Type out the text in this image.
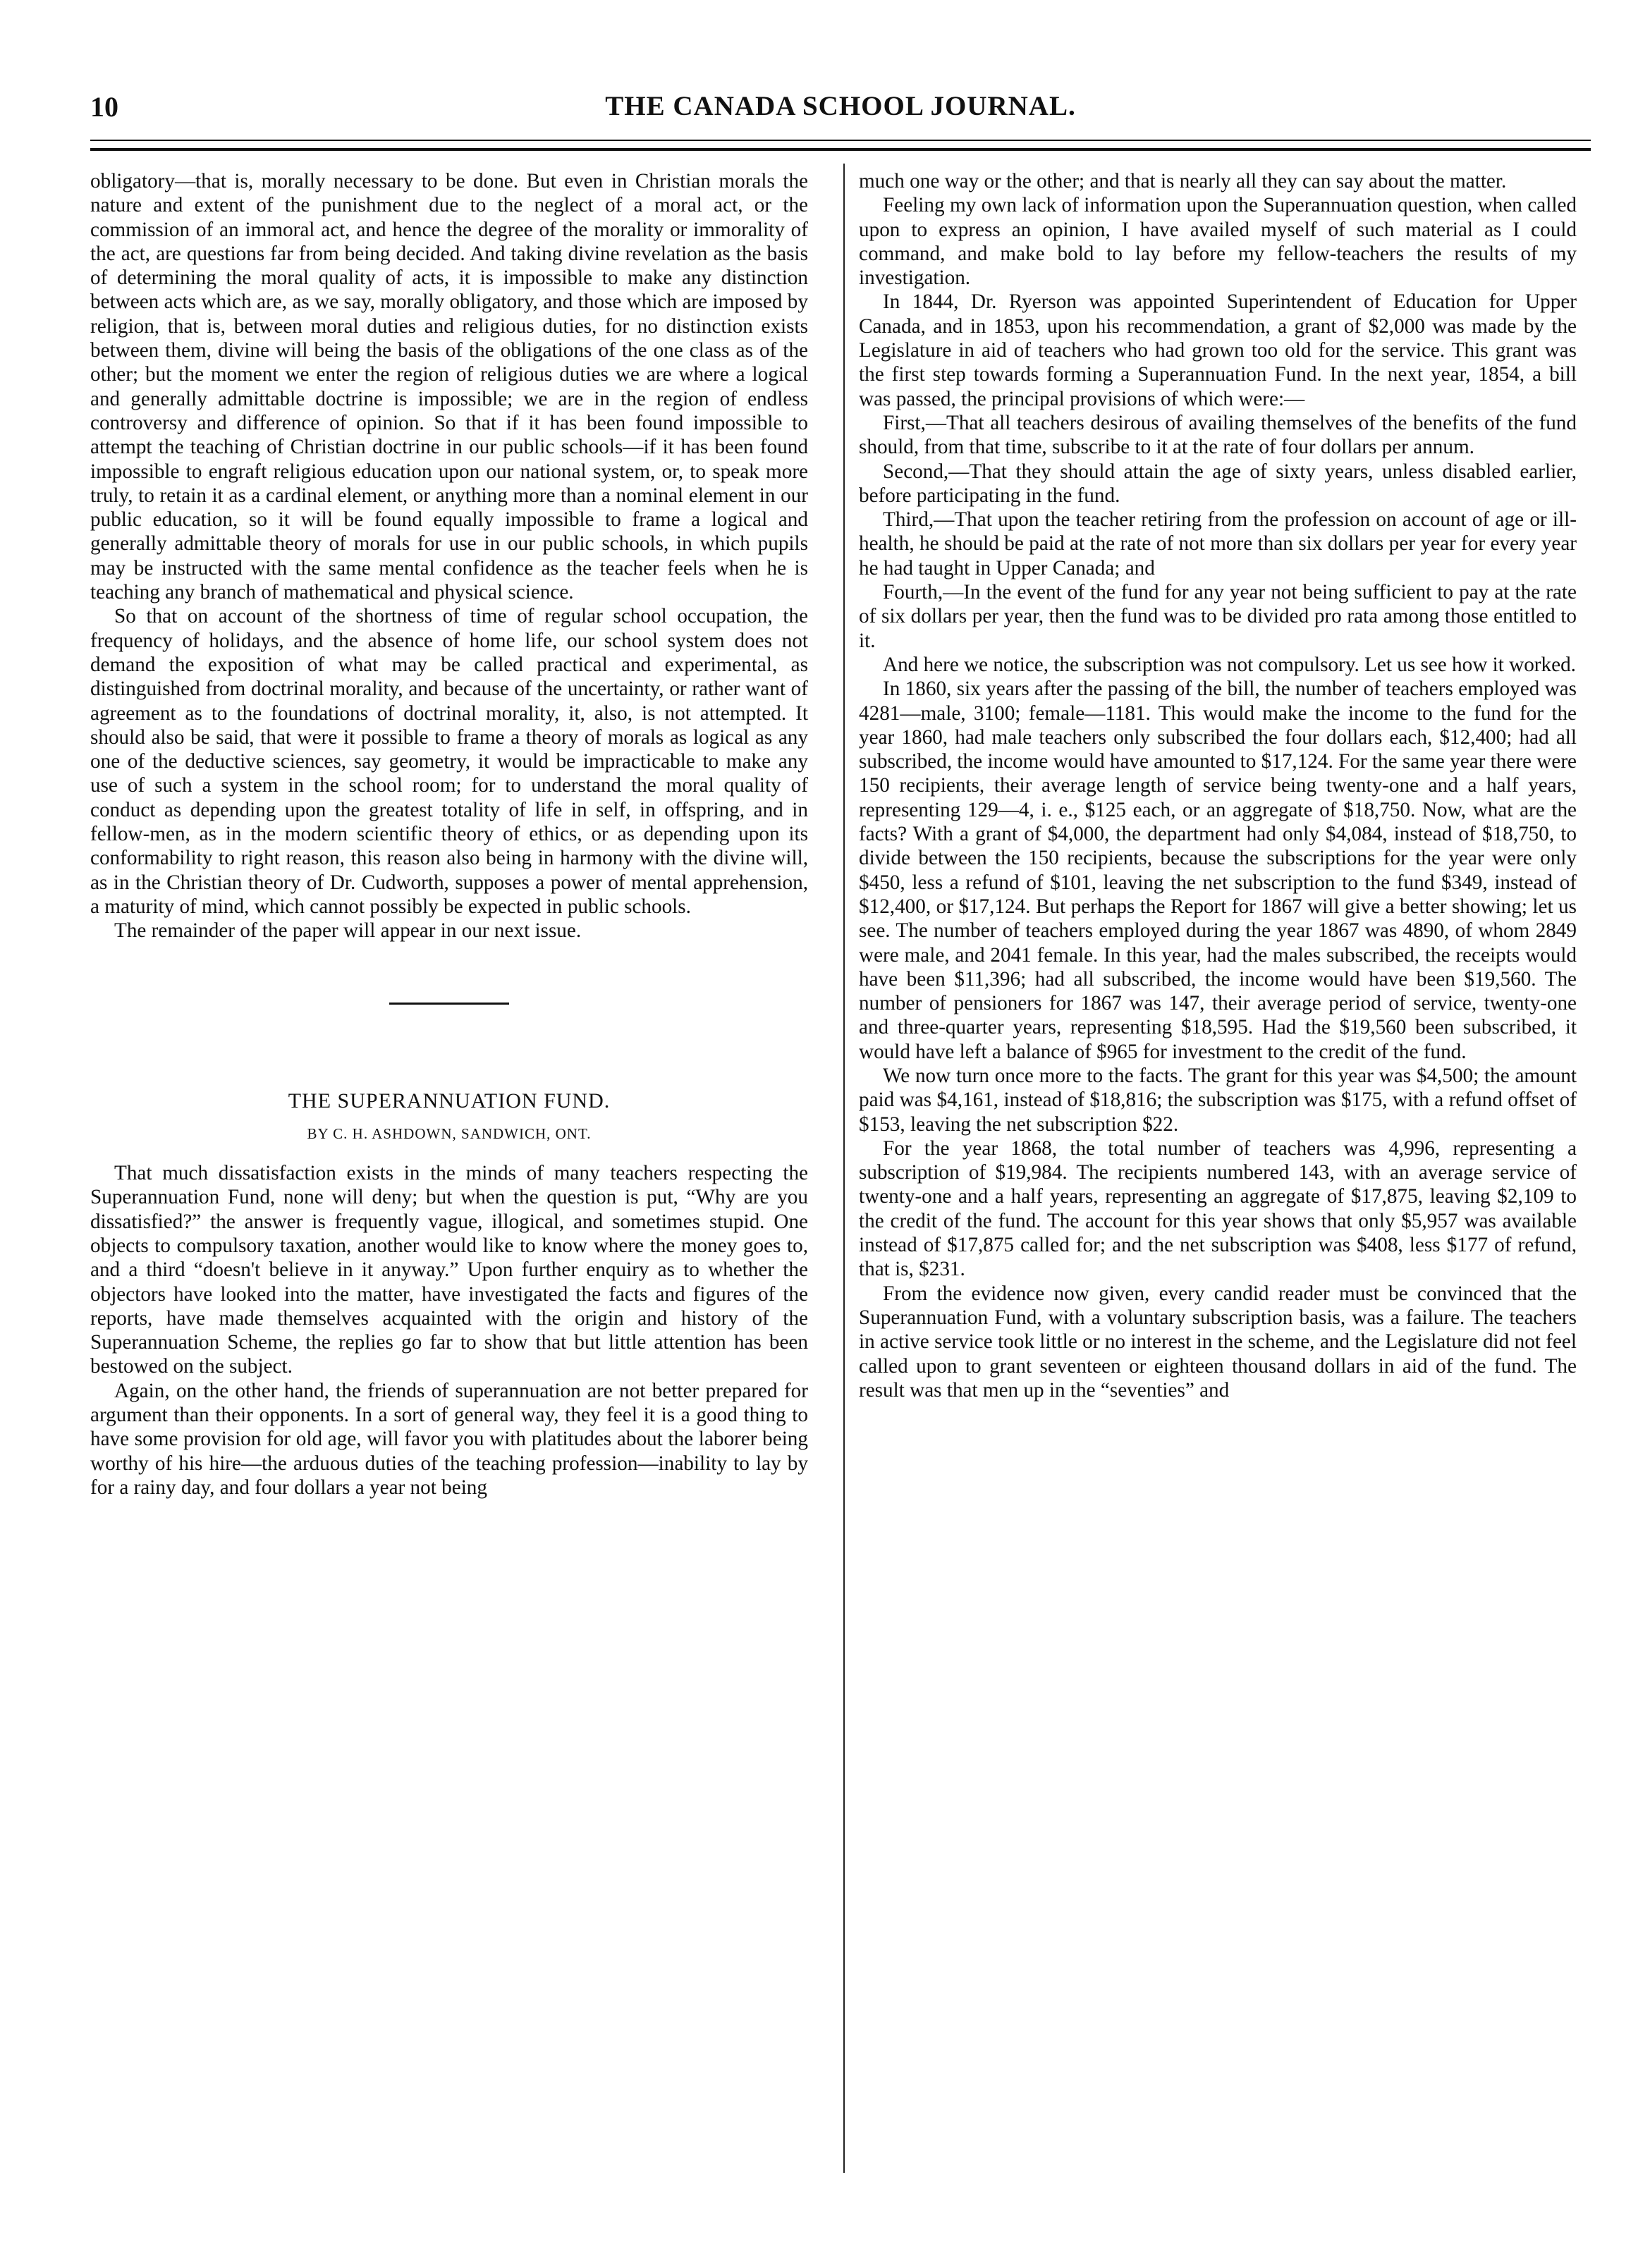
10	THE CANADA SCHOOL JOURNAL.

obligatory—that is, morally necessary to be done. But even in Christian morals the nature and extent of the punishment due to the neglect of a moral act, or the commission of an immoral act, and hence the degree of the morality or immorality of the act, are questions far from being decided. And taking divine revelation as the basis of determining the moral quality of acts, it is impossible to make any distinction between acts which are, as we say, morally obligatory, and those which are imposed by religion, that is, between moral duties and religious duties, for no distinction exists between them, divine will being the basis of the obligations of the one class as of the other; but the moment we enter the region of religious duties we are where a logical and generally admittable doctrine is impossible; we are in the region of endless controversy and difference of opinion. So that if it has been found impossible to attempt the teaching of Christian doctrine in our public schools—if it has been found impossible to engraft religious education upon our national system, or, to speak more truly, to retain it as a cardinal element, or anything more than a nominal element in our public education, so it will be found equally impossible to frame a logical and generally admittable theory of morals for use in our public schools, in which pupils may be instructed with the same mental confidence as the teacher feels when he is teaching any branch of mathematical and physical science.

So that on account of the shortness of time of regular school occupation, the frequency of holidays, and the absence of home life, our school system does not demand the exposition of what may be called practical and experimental, as distinguished from doctrinal morality, and because of the uncertainty, or rather want of agreement as to the foundations of doctrinal morality, it, also, is not attempted. It should also be said, that were it possible to frame a theory of morals as logical as any one of the deductive sciences, say geometry, it would be impracticable to make any use of such a system in the school room; for to understand the moral quality of conduct as depending upon the greatest totality of life in self, in offspring, and in fellow-men, as in the modern scientific theory of ethics, or as depending upon its conformability to right reason, this reason also being in harmony with the divine will, as in the Christian theory of Dr. Cudworth, supposes a power of mental apprehension, a maturity of mind, which cannot possibly be expected in public schools.

The remainder of the paper will appear in our next issue.

THE SUPERANNUATION FUND.
BY C. H. ASHDOWN, SANDWICH, ONT.

That much dissatisfaction exists in the minds of many teachers respecting the Superannuation Fund, none will deny; but when the question is put, “Why are you dissatisfied?” the answer is frequently vague, illogical, and sometimes stupid. One objects to compulsory taxation, another would like to know where the money goes to, and a third “doesn't believe in it anyway.” Upon further enquiry as to whether the objectors have looked into the matter, have investigated the facts and figures of the reports, have made themselves acquainted with the origin and history of the Superannuation Scheme, the replies go far to show that but little attention has been bestowed on the subject.

Again, on the other hand, the friends of superannuation are not better prepared for argument than their opponents. In a sort of general way, they feel it is a good thing to have some provision for old age, will favor you with platitudes about the laborer being worthy of his hire—the arduous duties of the teaching profession—inability to lay by for a rainy day, and four dollars a year not being

much one way or the other; and that is nearly all they can say about the matter.

Feeling my own lack of information upon the Superannuation question, when called upon to express an opinion, I have availed myself of such material as I could command, and make bold to lay before my fellow-teachers the results of my investigation.

In 1844, Dr. Ryerson was appointed Superintendent of Education for Upper Canada, and in 1853, upon his recommendation, a grant of $2,000 was made by the Legislature in aid of teachers who had grown too old for the service. This grant was the first step towards forming a Superannuation Fund. In the next year, 1854, a bill was passed, the principal provisions of which were:—

First,—That all teachers desirous of availing themselves of the benefits of the fund should, from that time, subscribe to it at the rate of four dollars per annum.

Second,—That they should attain the age of sixty years, unless disabled earlier, before participating in the fund.

Third,—That upon the teacher retiring from the profession on account of age or ill-health, he should be paid at the rate of not more than six dollars per year for every year he had taught in Upper Canada; and

Fourth,—In the event of the fund for any year not being sufficient to pay at the rate of six dollars per year, then the fund was to be divided pro rata among those entitled to it.

And here we notice, the subscription was not compulsory. Let us see how it worked.

In 1860, six years after the passing of the bill, the number of teachers employed was 4281—male, 3100; female—1181. This would make the income to the fund for the year 1860, had male teachers only subscribed the four dollars each, $12,400; had all subscribed, the income would have amounted to $17,124. For the same year there were 150 recipients, their average length of service being twenty-one and a half years, representing 129—4, i. e., $125 each, or an aggregate of $18,750. Now, what are the facts? With a grant of $4,000, the department had only $4,084, instead of $18,750, to divide between the 150 recipients, because the subscriptions for the year were only $450, less a refund of $101, leaving the net subscription to the fund $349, instead of $12,400, or $17,124. But perhaps the Report for 1867 will give a better showing; let us see. The number of teachers employed during the year 1867 was 4890, of whom 2849 were male, and 2041 female. In this year, had the males subscribed, the receipts would have been $11,396; had all subscribed, the income would have been $19,560. The number of pensioners for 1867 was 147, their average period of service, twenty-one and three-quarter years, representing $18,595. Had the $19,560 been subscribed, it would have left a balance of $965 for investment to the credit of the fund.

We now turn once more to the facts. The grant for this year was $4,500; the amount paid was $4,161, instead of $18,816; the subscription was $175, with a refund offset of $153, leaving the net subscription $22.

For the year 1868, the total number of teachers was 4,996, representing a subscription of $19,984. The recipients numbered 143, with an average service of twenty-one and a half years, representing an aggregate of $17,875, leaving $2,109 to the credit of the fund. The account for this year shows that only $5,957 was available instead of $17,875 called for; and the net subscription was $408, less $177 of refund, that is, $231.

From the evidence now given, every candid reader must be convinced that the Superannuation Fund, with a voluntary subscription basis, was a failure. The teachers in active service took little or no interest in the scheme, and the Legislature did not feel called upon to grant seventeen or eighteen thousand dollars in aid of the fund. The result was that men up in the “seventies” and
